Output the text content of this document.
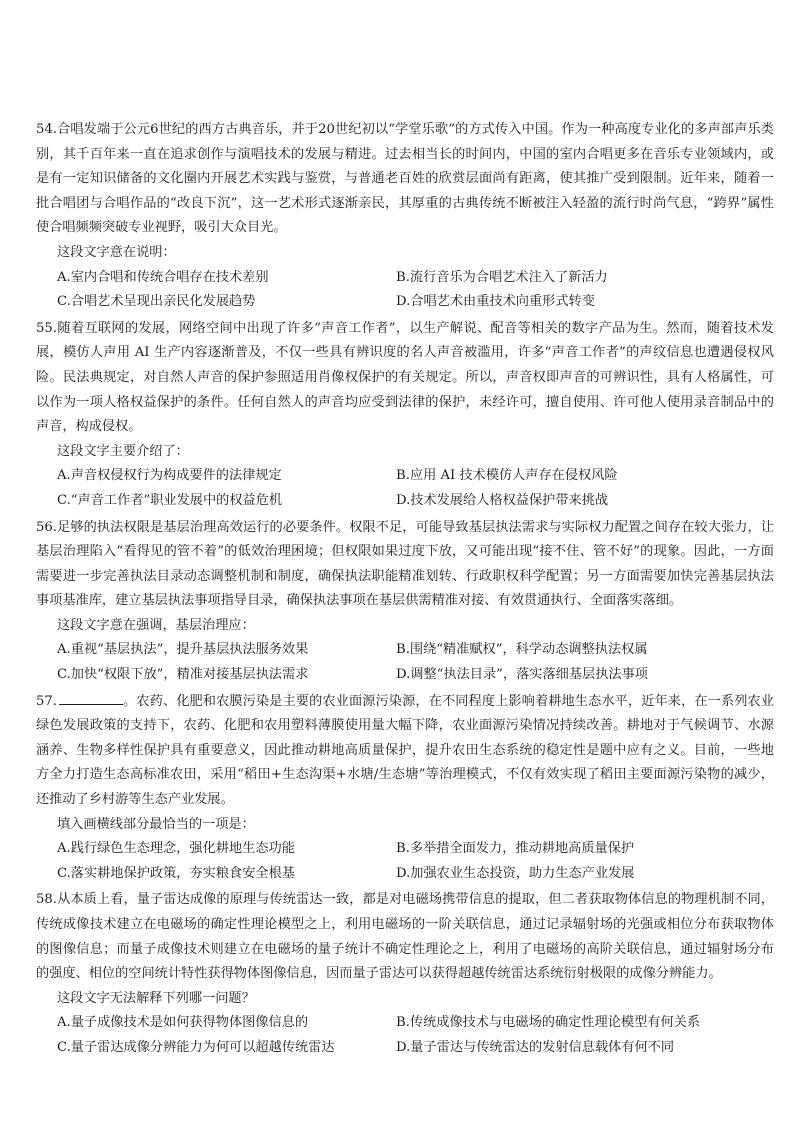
54.合唱发端于公元6世纪的西方古典音乐，并于20世纪初以“学堂乐歌”的方式传入中国。作为一种高度专业化的多声部声乐类别，其千百年来一直在追求创作与演唱技术的发展与精进。过去相当长的时间内，中国的室内合唱更多在音乐专业领域内，或是有一定知识储备的文化圈内开展艺术实践与鉴赏，与普通老百姓的欣赏层面尚有距离，使其推广受到限制。近年来，随着一批合唱团与合唱作品的“改良下沉”，这一艺术形式逐渐亲民，其厚重的古典传统不断被注入轻盈的流行时尚气息，“跨界”属性使合唱频频突破专业视野，吸引大众目光。

这段文字意在说明：

A.室内合唱和传统合唱存在技术差别	B.流行音乐为合唱艺术注入了新活力
C.合唱艺术呈现出亲民化发展趋势	D.合唱艺术由重技术向重形式转变

55.随着互联网的发展，网络空间中出现了许多“声音工作者”，以生产解说、配音等相关的数字产品为生。然而，随着技术发展，模仿人声用 AI 生产内容逐渐普及，不仅一些具有辨识度的名人声音被滥用，许多“声音工作者”的声纹信息也遭遇侵权风险。民法典规定，对自然人声音的保护参照适用肖像权保护的有关规定。所以，声音权即声音的可辨识性，具有人格属性，可以作为一项人格权益保护的条件。任何自然人的声音均应受到法律的保护，未经许可，擅自使用、许可他人使用录音制品中的声音，构成侵权。

这段文字主要介绍了：

A.声音权侵权行为构成要件的法律规定	B.应用 AI 技术模仿人声存在侵权风险
C.“声音工作者”职业发展中的权益危机	D.技术发展给人格权益保护带来挑战

56.足够的执法权限是基层治理高效运行的必要条件。权限不足，可能导致基层执法需求与实际权力配置之间存在较大张力，让基层治理陷入“看得见的管不着”的低效治理困境；但权限如果过度下放，又可能出现“接不住、管不好”的现象。因此，一方面需要进一步完善执法目录动态调整机制和制度，确保执法职能精准划转、行政职权科学配置；另一方面需要加快完善基层执法事项基准库，建立基层执法事项指导目录，确保执法事项在基层供需精准对接、有效贯通执行、全面落实落细。

这段文字意在强调，基层治理应：

A.重视“基层执法”，提升基层执法服务效果	B.围绕“精准赋权”，科学动态调整执法权属
C.加快“权限下放”，精准对接基层执法需求	D.调整“执法目录”，落实落细基层执法事项

57.	。农药、化肥和农膜污染是主要的农业面源污染源，在不同程度上影响着耕地生态水平，近年来，在一系列农业绿色发展政策的支持下，农药、化肥和农用塑料薄膜使用量大幅下降，农业面源污染情况持续改善。耕地对于气候调节、水源涵养、生物多样性保护具有重要意义，因此推动耕地高质量保护，提升农田生态系统的稳定性是题中应有之义。目前，一些地方全力打造生态高标准农田，采用“稻田+生态沟渠+水塘/生态塘”等治理模式，不仅有效实现了稻田主要面源污染物的减少，还推动了乡村游等生态产业发展。

填入画横线部分最恰当的一项是：

A.践行绿色生态理念，强化耕地生态功能	B.多举措全面发力，推动耕地高质量保护
C.落实耕地保护政策，夯实粮食安全根基	D.加强农业生态投资，助力生态产业发展

58.从本质上看，量子雷达成像的原理与传统雷达一致，都是对电磁场携带信息的提取，但二者获取物体信息的物理机制不同，传统成像技术建立在电磁场的确定性理论模型之上，利用电磁场的一阶关联信息，通过记录辐射场的光强或相位分布获取物体的图像信息；而量子成像技术则建立在电磁场的量子统计不确定性理论之上，利用了电磁场的高阶关联信息，通过辐射场分布的强度、相位的空间统计特性获得物体图像信息，因而量子雷达可以获得超越传统雷达系统衍射极限的成像分辨能力。

这段文字无法解释下列哪一问题？

A.量子成像技术是如何获得物体图像信息的	B.传统成像技术与电磁场的确定性理论模型有何关系
C.量子雷达成像分辨能力为何可以超越传统雷达	D.量子雷达与传统雷达的发射信息载体有何不同
